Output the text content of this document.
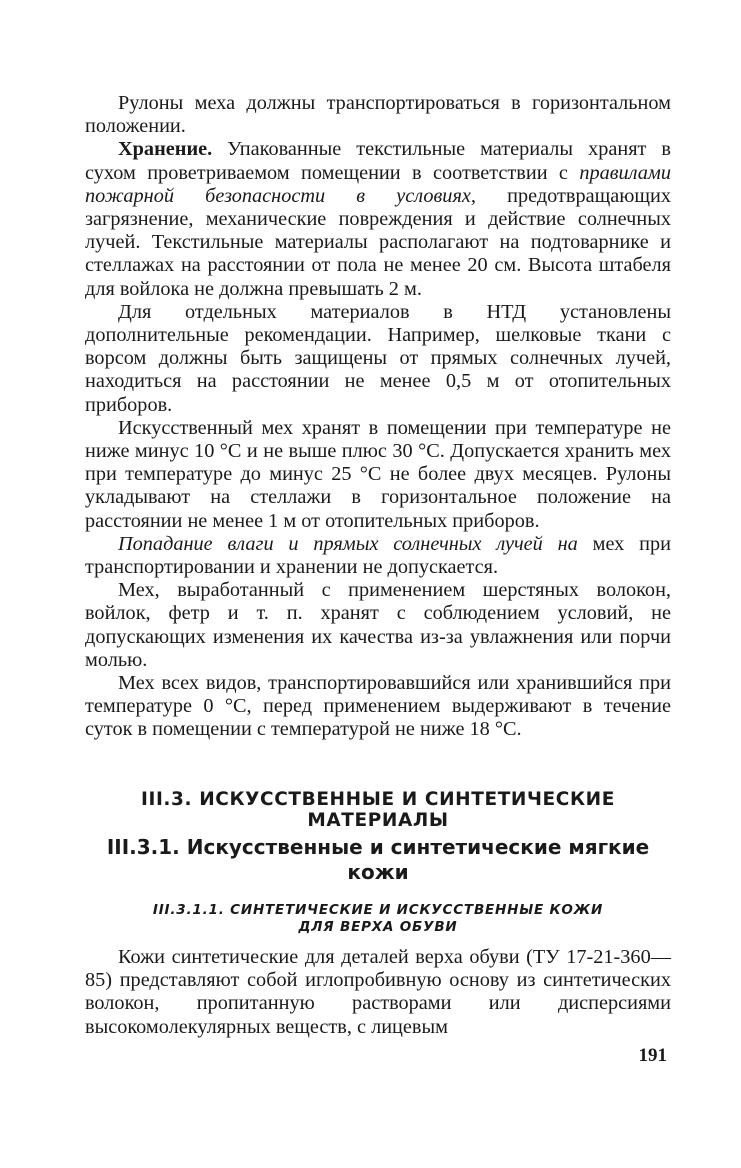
Рулоны меха должны транспортироваться в горизонтальном положении.

Хранение. Упакованные текстильные материалы хранят в сухом проветриваемом помещении в соответствии с правилами пожарной безопасности в условиях, предотвращающих загрязнение, механические повреждения и действие солнечных лучей. Текстильные материалы располагают на подтоварнике и стеллажах на расстоянии от пола не менее 20 см. Высота штабеля для войлока не должна превышать 2 м.

Для отдельных материалов в НТД установлены дополнительные рекомендации. Например, шелковые ткани с ворсом должны быть защищены от прямых солнечных лучей, находиться на расстоянии не менее 0,5 м от отопительных приборов.

Искусственный мех хранят в помещении при температуре не ниже минус 10 °С и не выше плюс 30 °С. Допускается хранить мех при температуре до минус 25 °С не более двух месяцев. Рулоны укладывают на стеллажи в горизонтальное положение на расстоянии не менее 1 м от отопительных приборов.

Попадание влаги и прямых солнечных лучей на мех при транспортировании и хранении не допускается.

Мех, выработанный с применением шерстяных волокон, войлок, фетр и т. п. хранят с соблюдением условий, не допускающих изменения их качества из-за увлажнения или порчи молью.

Мех всех видов, транспортировавшийся или хранившийся при температуре 0 °С, перед применением выдерживают в течение суток в помещении с температурой не ниже 18 °С.

III.3. ИСКУССТВЕННЫЕ И СИНТЕТИЧЕСКИЕ МАТЕРИАЛЫ
III.3.1. Искусственные и синтетические мягкие
кожи
III.3.1.1. СИНТЕТИЧЕСКИЕ И ИСКУССТВЕННЫЕ КОЖИ
ДЛЯ ВЕРХА ОБУВИ

Кожи синтетические для деталей верха обуви (ТУ 17-21-360—85) представляют собой иглопробивную основу из синтетических волокон, пропитанную растворами или дисперсиями высокомолекулярных веществ, с лицевым

191
